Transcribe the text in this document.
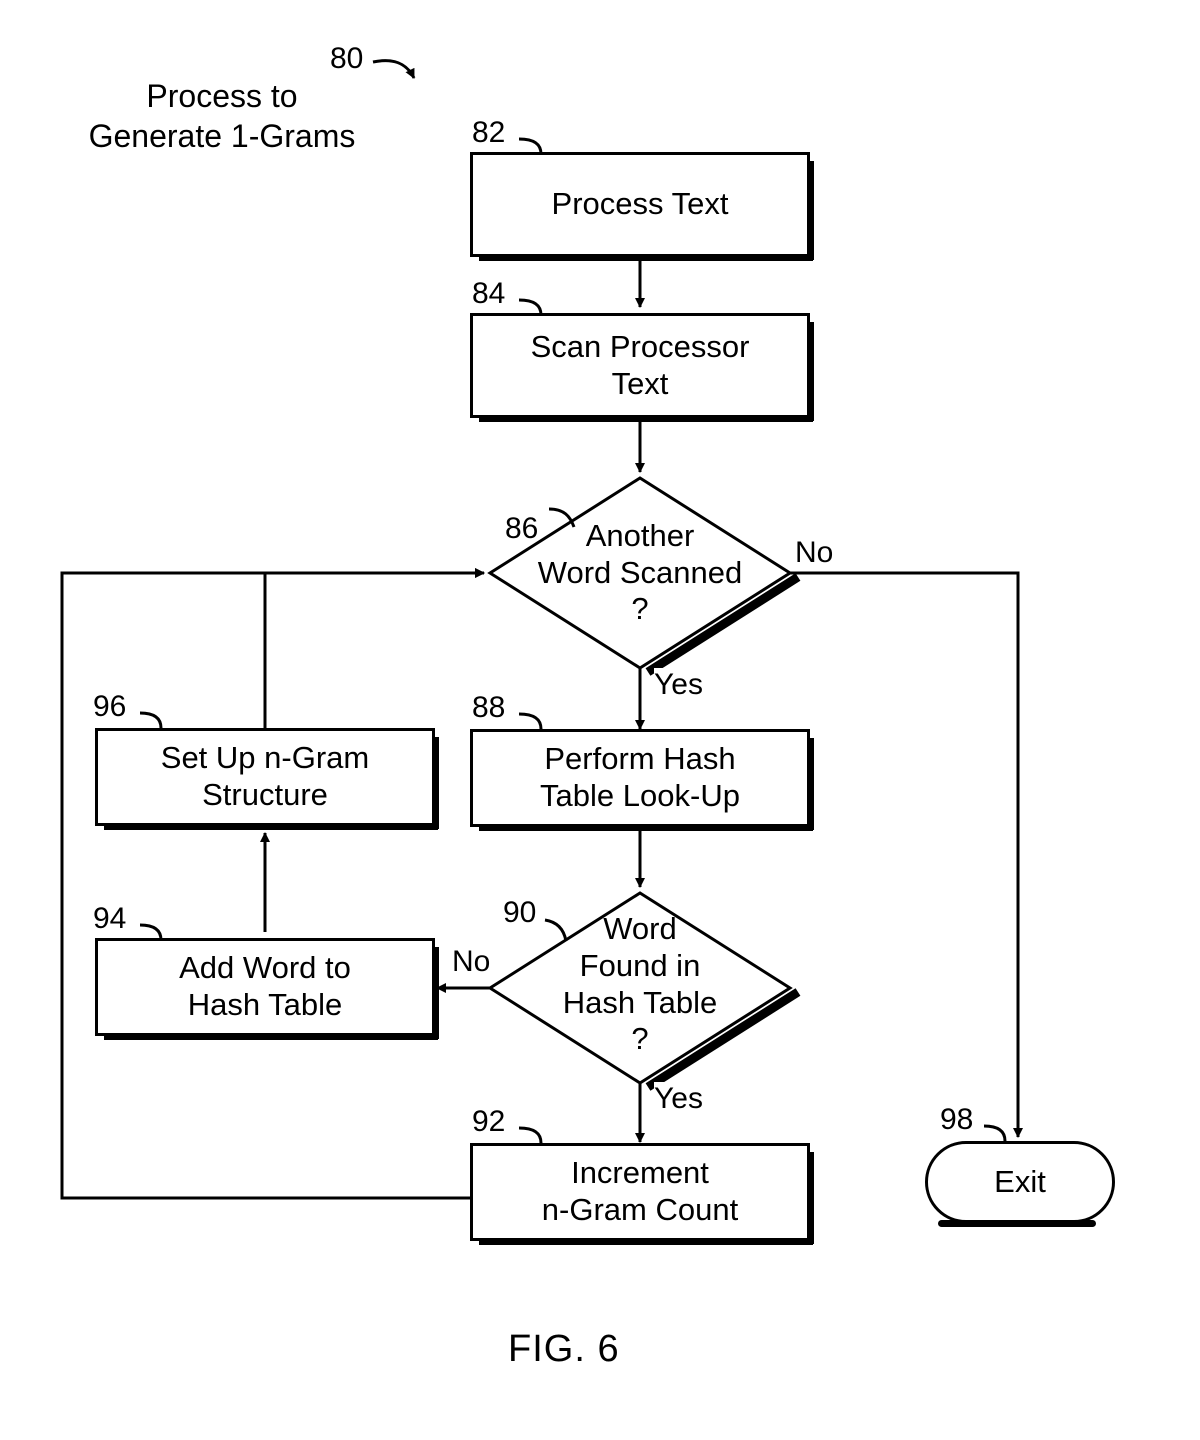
Process to
Generate 1-Grams
80
82
Process Text
84
Scan Processor
Text
86 Another
Word Scanned
?
No
Yes
88
Perform Hash
Table Look-Up
90 Word
Found in
Hash Table
?
No
Yes
92
Increment
n-Gram Count
94
Add Word to
Hash Table
96
Set Up n-Gram
Structure
98
Exit
FIG. 6
